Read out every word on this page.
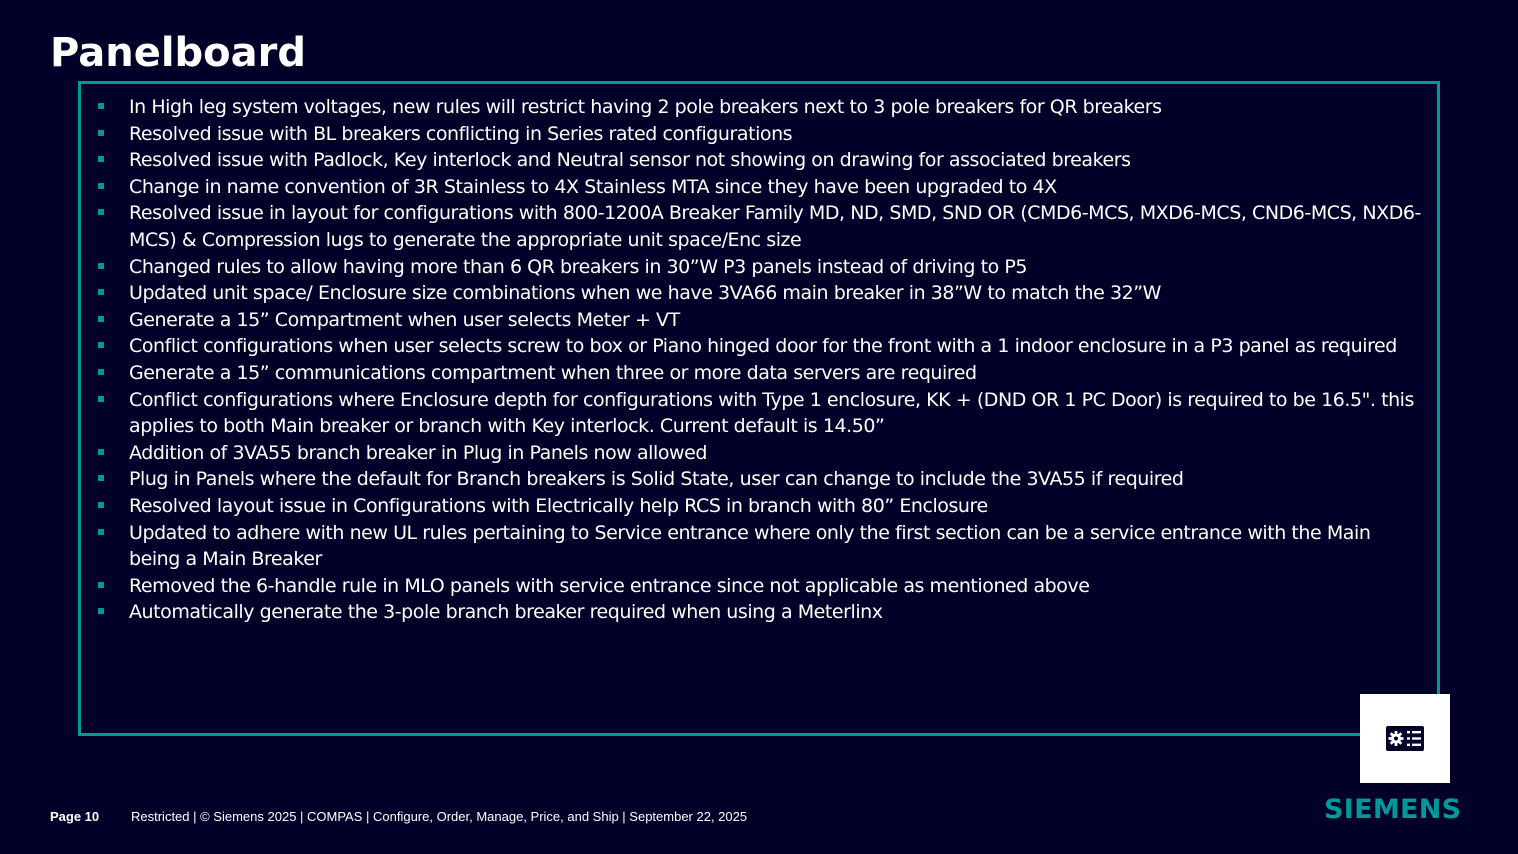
Panelboard
In High leg system voltages, new rules will restrict having 2 pole breakers next to 3 pole breakers for QR breakers
Resolved issue with BL breakers conflicting in Series rated configurations
Resolved issue with Padlock, Key interlock and Neutral sensor not showing on drawing for associated breakers
Change in name convention of 3R Stainless to 4X Stainless MTA since they have been upgraded to 4X
Resolved issue in layout for configurations with 800-1200A Breaker Family MD, ND, SMD, SND OR (CMD6-MCS, MXD6-MCS, CND6-MCS, NXD6-MCS) & Compression lugs to generate the appropriate unit space/Enc size
Changed rules to allow having more than 6 QR breakers in 30”W P3 panels instead of driving to P5
Updated unit space/ Enclosure size combinations when we have 3VA66 main breaker in 38”W to match the 32”W
Generate a 15” Compartment when user selects Meter + VT
Conflict configurations when user selects screw to box or Piano hinged door for the front with a 1 indoor enclosure in a P3 panel as required
Generate a 15” communications compartment when three or more data servers are required
Conflict configurations where Enclosure depth for configurations with Type 1 enclosure, KK + (DND OR 1 PC Door) is required to be 16.5". this applies to both Main breaker or branch with Key interlock. Current default is 14.50”
Addition of 3VA55 branch breaker in Plug in Panels now allowed
Plug in Panels where the default for Branch breakers is Solid State, user can change to include the 3VA55 if required
Resolved layout issue in Configurations with Electrically help RCS in branch with 80” Enclosure
Updated to adhere with new UL rules pertaining to Service entrance where only the first section can be a service entrance with the Main being a Main Breaker
Removed the 6-handle rule in MLO panels with service entrance since not applicable as mentioned above
Automatically generate the 3-pole branch breaker required when using a Meterlinx
Page 10 Restricted | © Siemens 2025 | COMPAS | Configure, Order, Manage, Price, and Ship | September 22, 2025	SIEMENS
